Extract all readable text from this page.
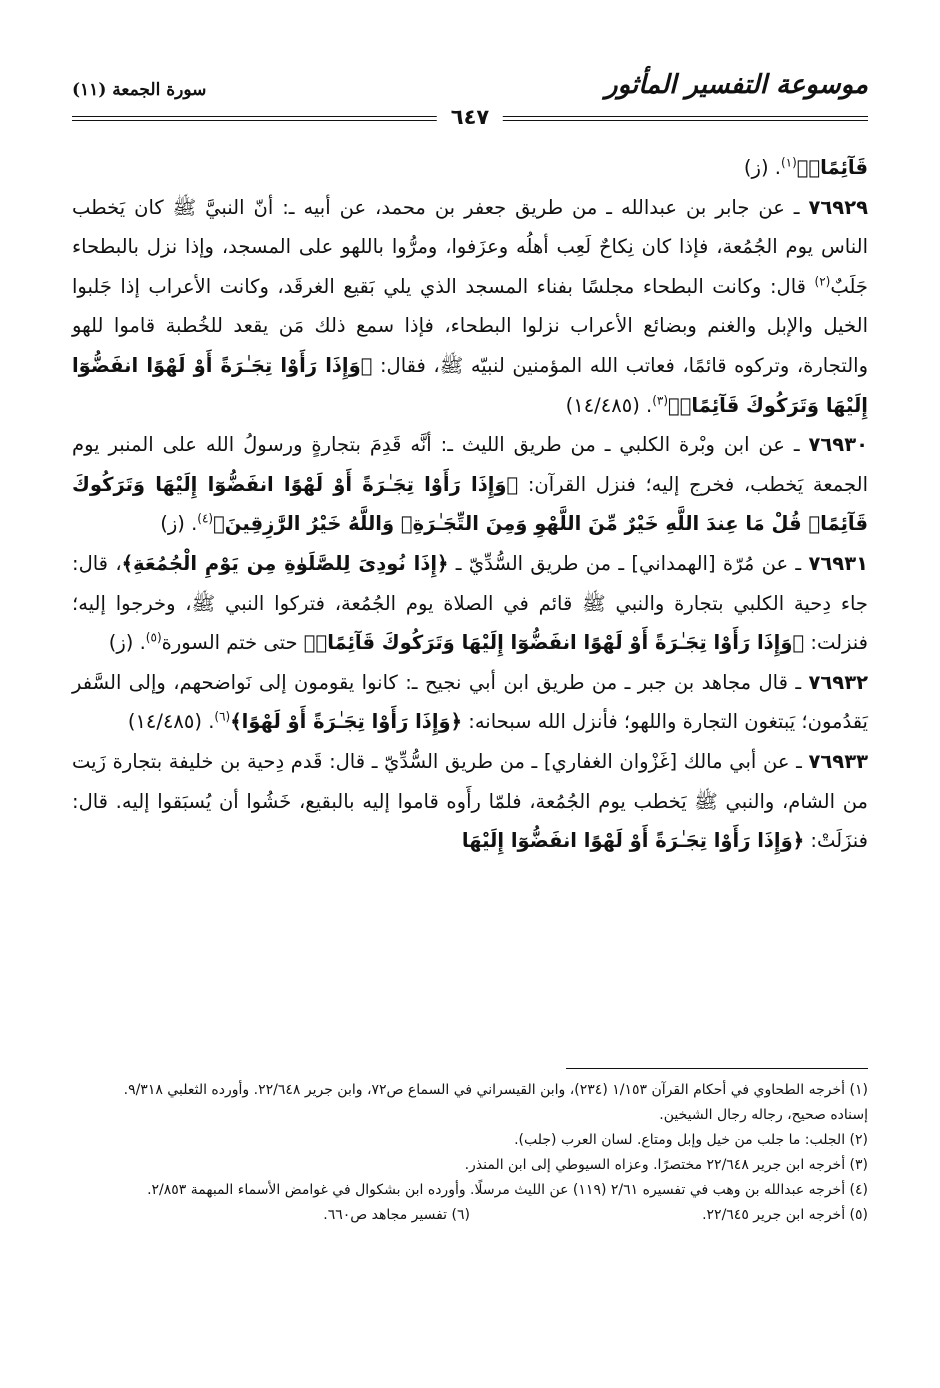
موسوعة التفسير المأثور
سورة الجمعة (١١)
٦٤٧

قَآئِمًاۚ﴾$^{(١)}$. (ز)

٧٦٩٢٩ ـ عن جابر بن عبدالله ـ من طريق جعفر بن محمد، عن أبيه ـ: أنّ النبيَّ ﷺ كان يَخطب الناس يوم الجُمُعة، فإذا كان نِكاحٌ لَعِب أهلُه وعزَفوا، ومرُّوا باللهو على المسجد، وإذا نزل بالبطحاء جَلَبٌ$^{(٢)}$ قال: وكانت البطحاء مجلسًا بفناء المسجد الذي يلي بَقيع الغرقَد، وكانت الأعراب إذا جَلبوا الخيل والإبل والغنم وبضائع الأعراب نزلوا البطحاء، فإذا سمع ذلك مَن يقعد للخُطبة قاموا للهو والتجارة، وتركوه قائمًا، فعاتب الله المؤمنين لنبيّه ﷺ، فقال: ﴿وَإِذَا رَأَوْا تِجَـٰرَةً أَوْ لَهْوًا انفَضُّوٓا إِلَيْهَا وَتَرَكُوكَ قَآئِمًاۚ﴾$^{(٣)}$. (١٤/٤٨٥)

٧٦٩٣٠ ـ عن ابن وبْرة الكلبي ـ من طريق الليث ـ: أنَّه قَدِمَ بتجارةٍ ورسولُ الله على المنبر يوم الجمعة يَخطب، فخرج إليه؛ فنزل القرآن: ﴿وَإِذَا رَأَوْا تِجَـٰرَةً أَوْ لَهْوًا انفَضُّوٓا إِلَيْهَا وَتَرَكُوكَ قَآئِمًاۚ قُلْ مَا عِندَ اللَّهِ خَيْرٌ مِّنَ اللَّهْوِ وَمِنَ التِّجَـٰرَةِۚ وَاللَّهُ خَيْرُ الرَّٰزِقِينَ﴾$^{(٤)}$. (ز)

٧٦٩٣١ ـ عن مُرّة [الهمداني] ـ من طريق السُّدِّيّ ـ ﴿إِذَا نُودِىَ لِلصَّلَوٰةِ مِن يَوْمِ الْجُمُعَةِ﴾، قال: جاء دِحية الكلبي بتجارة والنبي ﷺ قائم في الصلاة يوم الجُمُعة، فتركوا النبي ﷺ، وخرجوا إليه؛ فنزلت: ﴿وَإِذَا رَأَوْا تِجَـٰرَةً أَوْ لَهْوًا انفَضُّوٓا إِلَيْهَا وَتَرَكُوكَ قَآئِمًاۚ﴾ حتى ختم السورة$^{(٥)}$. (ز)

٧٦٩٣٢ ـ قال مجاهد بن جبر ـ من طريق ابن أبي نجيح ـ: كانوا يقومون إلى نَواضحهم، وإلى السَّفر يَقدُمون؛ يَبتغون التجارة واللهو؛ فأنزل الله سبحانه: ﴿وَإِذَا رَأَوْا تِجَـٰرَةً أَوْ لَهْوًا﴾$^{(٦)}$. (١٤/٤٨٥)

٧٦٩٣٣ ـ عن أبي مالك [غَزْوان الغفاري] ـ من طريق السُّدِّيّ ـ قال: قَدم دِحية بن خليفة بتجارة زَيت من الشام، والنبي ﷺ يَخطب يوم الجُمُعة، فلمّا رأَوه قاموا إليه بالبقيع، خَشُوا أن يُسبَقوا إليه. قال: فنزَلَتْ: ﴿وَإِذَا رَأَوْا تِجَـٰرَةً أَوْ لَهْوًا انفَضُّوٓا إِلَيْهَا

(١) أخرجه الطحاوي في أحكام القرآن ١/١٥٣ (٢٣٤)، وابن القيسراني في السماع ص٧٢، وابن جرير ٢٢/٦٤٨. وأورده الثعلبي ٩/٣١٨.

إسناده صحيح، رجاله رجال الشيخين.

(٢) الجلب: ما جلب من خيل وإبل ومتاع. لسان العرب (جلب).

(٣) أخرجه ابن جرير ٢٢/٦٤٨ مختصرًا. وعزاه السيوطي إلى ابن المنذر.

(٤) أخرجه عبدالله بن وهب في تفسيره ٢/٦١ (١١٩) عن الليث مرسلًا. وأورده ابن بشكوال في غوامض الأسماء المبهمة ٢/٨٥٣.

(٥) أخرجه ابن جرير ٢٢/٦٤٥.
(٦) تفسير مجاهد ص٦٦٠.
